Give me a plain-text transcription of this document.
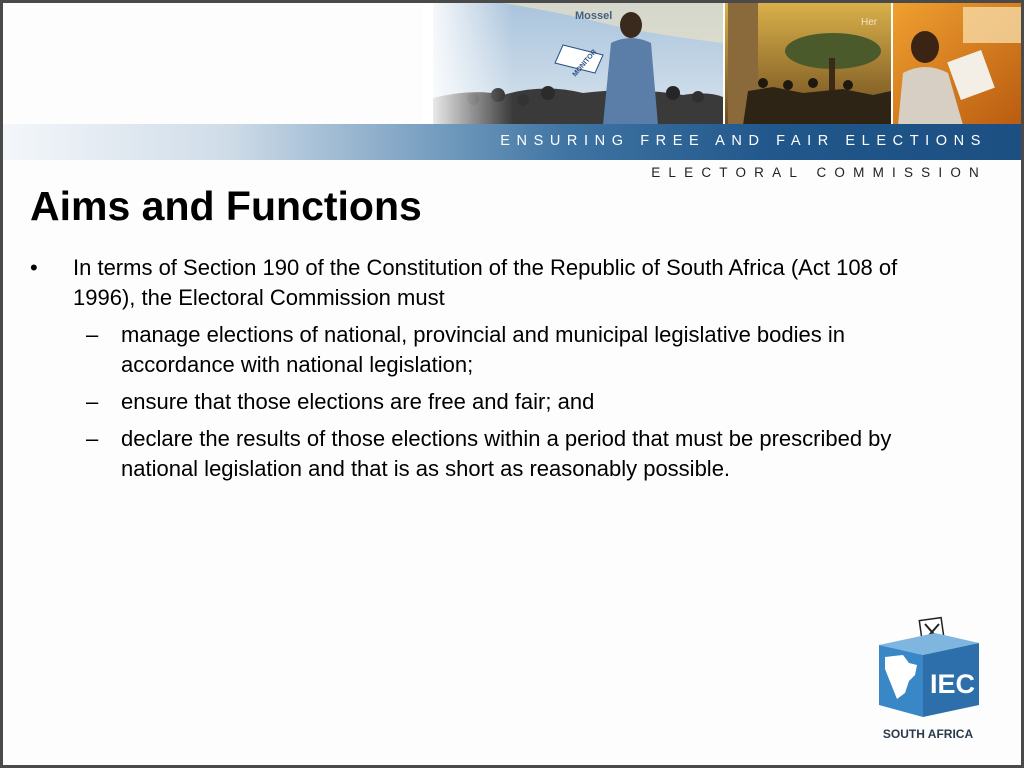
Mossel
MONITOR
Her
ENSURING FREE AND FAIR ELECTIONS
ELECTORAL COMMISSION
Aims and Functions
• In terms of Section 190 of the Constitution of the Republic of South Africa (Act 108 of 1996), the Electoral Commission must
– manage elections of national, provincial and municipal legislative bodies in accordance with national legislation;
– ensure that those elections are free and fair; and
– declare the results of those elections within a period that must be prescribed by national legislation and that is as short as reasonably possible.
IEC
SOUTH AFRICA
